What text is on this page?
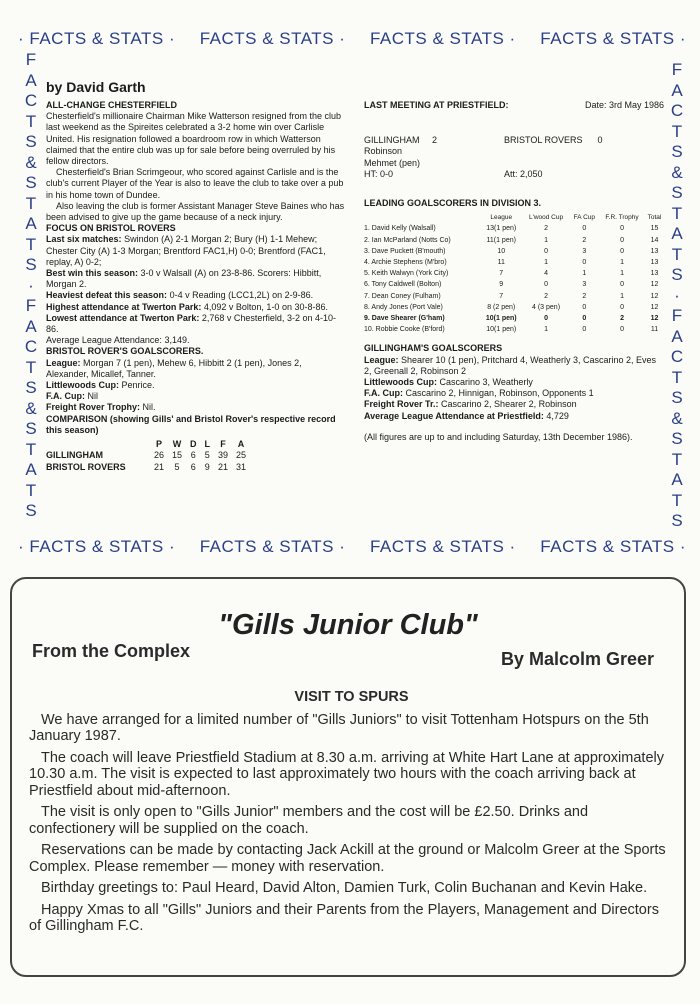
· FACTS & STATS · FACTS & STATS · FACTS & STATS · FACTS & STATS ·
F
A
C
T
S
&
S
T
A
T
S
·
F
A
C
T
S
&
S
T
A
T
S
F
A
C
T
S
&
S
T
A
T
S
·
F
A
C
T
S
&
S
T
A
T
S

by David Garth

ALL-CHANGE CHESTERFIELD

Chesterfield's millionaire Chairman Mike Watterson resigned from the club last weekend as the Spireites celebrated a 3-2 home win over Carlisle United. His resignation followed a boardroom row in which Watterson claimed that the entire club was up for sale before being overruled by his fellow directors.

Chesterfield's Brian Scrimgeour, who scored against Carlisle and is the club's current Player of the Year is also to leave the club to take over a pub in his home town of Dundee.

Also leaving the club is former Assistant Manager Steve Baines who has been advised to give up the game because of a neck injury.

FOCUS ON BRISTOL ROVERS

Last six matches: Swindon (A) 2-1 Morgan 2; Bury (H) 1-1 Mehew; Chester City (A) 1-3 Morgan; Brentford FAC1,H) 0-0; Brentford (FAC1, replay, A) 0-2;

Best win this season: 3-0 v Walsall (A) on 23-8-86. Scorers: Hibbitt, Morgan 2.

Heaviest defeat this season: 0-4 v Reading (LCC1,2L) on 2-9-86.

Highest attendance at Twerton Park: 4,092 v Bolton, 1-0 on 30-8-86.

Lowest attendance at Twerton Park: 2,768 v Chesterfield, 3-2 on 4-10-86.

Average League Attendance: 3,149.

BRISTOL ROVER'S GOALSCORERS.

League: Morgan 7 (1 pen), Mehew 6, Hibbitt 2 (1 pen), Jones 2, Alexander, Micallef, Tanner.

Littlewoods Cup: Penrice.

F.A. Cup: Nil

Freight Rover Trophy: Nil.

COMPARISON (showing Gills' and Bristol Rover's respective record this season)

	P	W	D	L	F	A
GILLINGHAM	26	15	6	5	39	25
BRISTOL ROVERS	21	5	6	9	21	31
LAST MEETING AT PRIESTFIELD:	Date: 3rd May 1986
GILLINGHAM 2	BRISTOL ROVERS 0

Robinson

Mehmet (pen)

HT: 0-0	Att: 2,050

LEADING GOALSCORERS IN DIVISION 3.

	League	L'wood Cup	FA Cup	F.R. Trophy	Total
1. David Kelly (Walsall)	13(1 pen)	2	0	0	15
2. Ian McParland (Notts Co)	11(1 pen)	1	2	0	14
3. Dave Puckett (B'mouth)	10	0	3	0	13
4. Archie Stephens (M'bro)	11	1	0	1	13
5. Keith Walwyn (York City)	7	4	1	1	13
6. Tony Caldwell (Bolton)	9	0	3	0	12
7. Dean Coney (Fulham)	7	2	2	1	12
8. Andy Jones (Port Vale)	8 (2 pen)	4 (3 pen)	0	0	12
9. Dave Shearer (G'ham)	10(1 pen)	0	0	2	12
10. Robbie Cooke (B'ford)	10(1 pen)	1	0	0	11

GILLINGHAM'S GOALSCORERS

League: Shearer 10 (1 pen), Pritchard 4, Weatherly 3, Cascarino 2, Eves 2, Greenall 2, Robinson 2

Littlewoods Cup: Cascarino 3, Weatherly

F.A. Cup: Cascarino 2, Hinnigan, Robinson, Opponents 1

Freight Rover Tr.: Cascarino 2, Shearer 2, Robinson

Average League Attendance at Priestfield: 4,729

(All figures are up to and including Saturday, 13th December 1986).

· FACTS & STATS · FACTS & STATS · FACTS & STATS · FACTS & STATS ·
"Gills Junior Club"
From the Complex	By Malcolm Greer

VISIT TO SPURS

We have arranged for a limited number of "Gills Juniors" to visit Tottenham Hotspurs on the 5th January 1987.

The coach will leave Priestfield Stadium at 8.30 a.m. arriving at White Hart Lane at approximately 10.30 a.m. The visit is expected to last approximately two hours with the coach arriving back at Priestfield about mid-afternoon.

The visit is only open to "Gills Junior" members and the cost will be £2.50. Drinks and confectionery will be supplied on the coach.

Reservations can be made by contacting Jack Ackill at the ground or Malcolm Greer at the Sports Complex. Please remember — money with reservation.

Birthday greetings to: Paul Heard, David Alton, Damien Turk, Colin Buchanan and Kevin Hake.

Happy Xmas to all "Gills" Juniors and their Parents from the Players, Management and Directors of Gillingham F.C.
